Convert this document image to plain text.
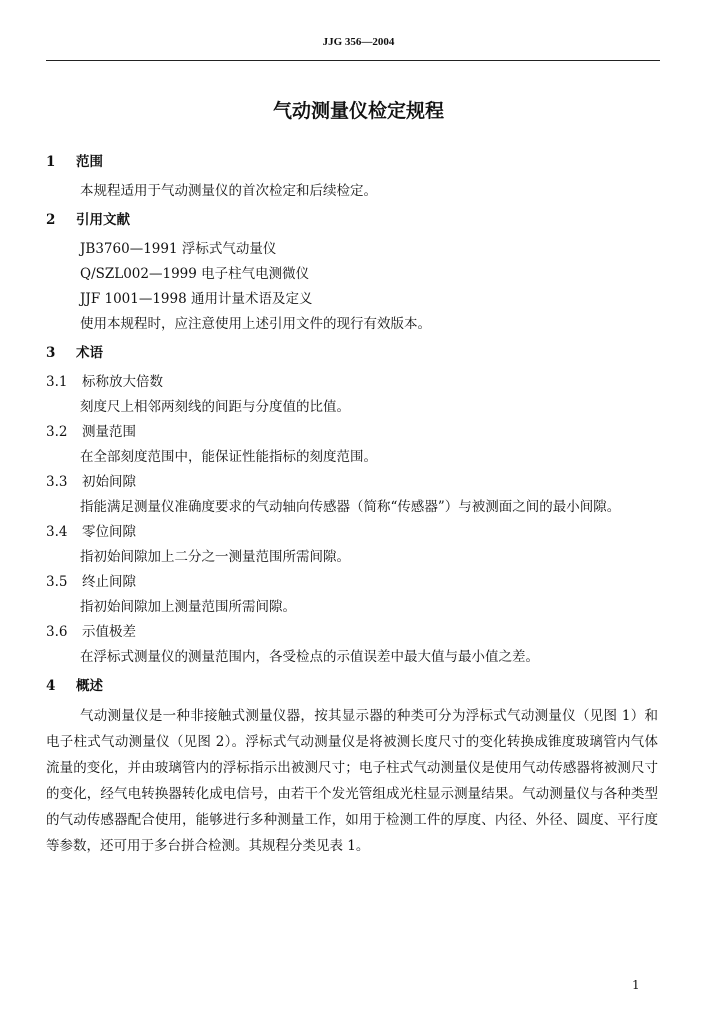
JJG 356—2004
气动测量仪检定规程
1 范围
本规程适用于气动测量仪的首次检定和后续检定。
2 引用文献
JB3760—1991 浮标式气动量仪
Q/SZL002—1999 电子柱气电测微仪
JJF 1001—1998 通用计量术语及定义
使用本规程时，应注意使用上述引用文件的现行有效版本。
3 术语
3.1 标称放大倍数
刻度尺上相邻两刻线的间距与分度值的比值。
3.2 测量范围
在全部刻度范围中，能保证性能指标的刻度范围。
3.3 初始间隙
指能满足测量仪准确度要求的气动轴向传感器（简称“传感器”）与被测面之间的最小间隙。
3.4 零位间隙
指初始间隙加上二分之一测量范围所需间隙。
3.5 终止间隙
指初始间隙加上测量范围所需间隙。
3.6 示值极差
在浮标式测量仪的测量范围内，各受检点的示值误差中最大值与最小值之差。
4 概述
气动测量仪是一种非接触式测量仪器，按其显示器的种类可分为浮标式气动测量仪（见图 1）和电子柱式气动测量仪（见图 2）。浮标式气动测量仪是将被测长度尺寸的变化转换成锥度玻璃管内气体流量的变化，并由玻璃管内的浮标指示出被测尺寸；电子柱式气动测量仪是使用气动传感器将被测尺寸的变化，经气电转换器转化成电信号，由若干个发光管组成光柱显示测量结果。气动测量仪与各种类型的气动传感器配合使用，能够进行多种测量工作，如用于检测工件的厚度、内径、外径、圆度、平行度等参数，还可用于多台拼合检测。其规程分类见表 1。
1
